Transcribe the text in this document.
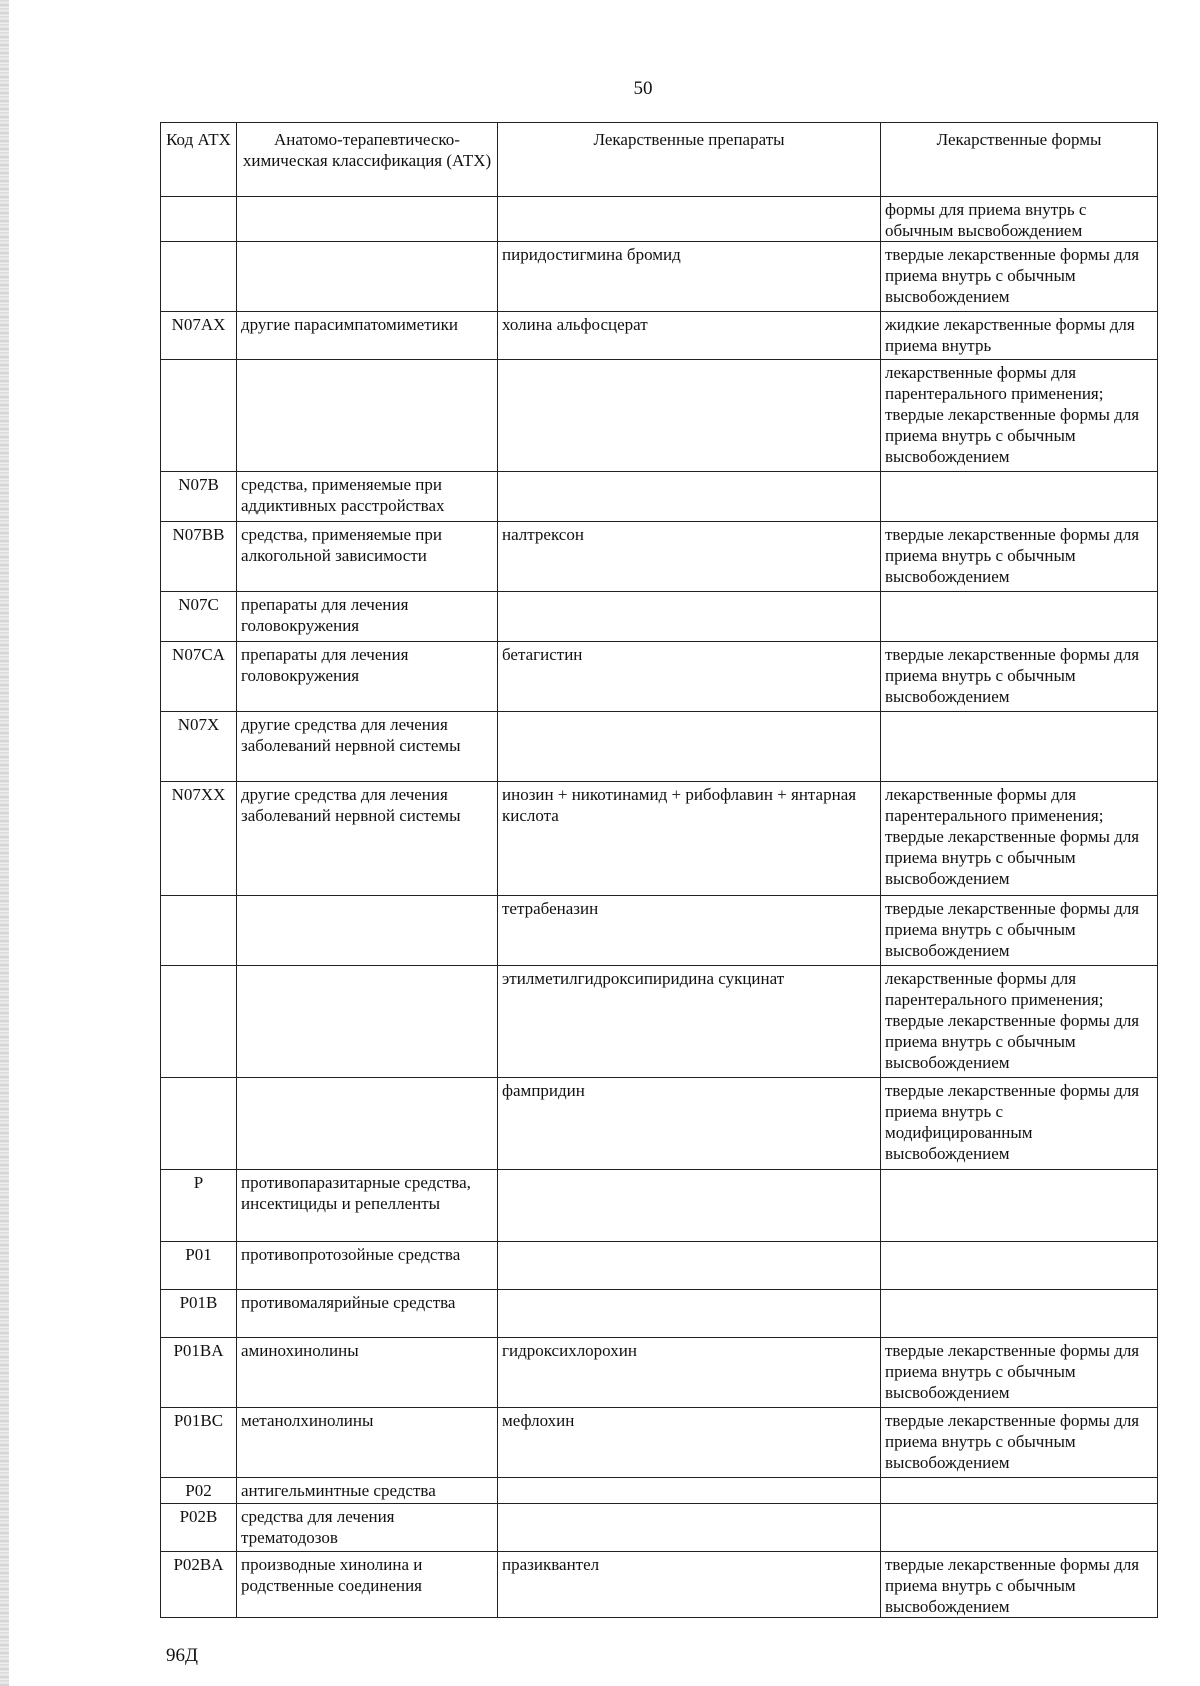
50
Код АТХ	Анатомо-терапевтическо-химическая классификация (АТХ)	Лекарственные препараты	Лекарственные формы
			формы для приема внутрь с обычным высвобождением
		пиридостигмина бромид	твердые лекарственные формы для приема внутрь с обычным высвобождением
N07AX	другие парасимпатомиметики	холина альфосцерат	жидкие лекарственные формы для приема внутрь
			лекарственные формы для парентерального применения; твердые лекарственные формы для приема внутрь с обычным высвобождением
N07B	средства, применяемые при аддиктивных расстройствах		
N07BB	средства, применяемые при алкогольной зависимости	налтрексон	твердые лекарственные формы для приема внутрь с обычным высвобождением
N07C	препараты для лечения головокружения		
N07CA	препараты для лечения головокружения	бетагистин	твердые лекарственные формы для приема внутрь с обычным высвобождением
N07X	другие средства для лечения заболеваний нервной системы		
N07XX	другие средства для лечения заболеваний нервной системы	инозин + никотинамид + рибофлавин + янтарная кислота	лекарственные формы для парентерального применения; твердые лекарственные формы для приема внутрь с обычным высвобождением
		тетрабеназин	твердые лекарственные формы для приема внутрь с обычным высвобождением
		этилметилгидроксипиридина сукцинат	лекарственные формы для парентерального применения; твердые лекарственные формы для приема внутрь с обычным высвобождением
		фампридин	твердые лекарственные формы для приема внутрь с модифицированным высвобождением
P	противопаразитарные средства, инсектициды и репелленты		
P01	противопротозойные средства		
P01B	противомалярийные средства		
P01BA	аминохинолины	гидроксихлорохин	твердые лекарственные формы для приема внутрь с обычным высвобождением
P01BC	метанолхинолины	мефлохин	твердые лекарственные формы для приема внутрь с обычным высвобождением
P02	антигельминтные средства		
P02B	средства для лечения трематодозов		
P02BA	производные хинолина и родственные соединения	празиквантел	твердые лекарственные формы для приема внутрь с обычным высвобождением
96Д
